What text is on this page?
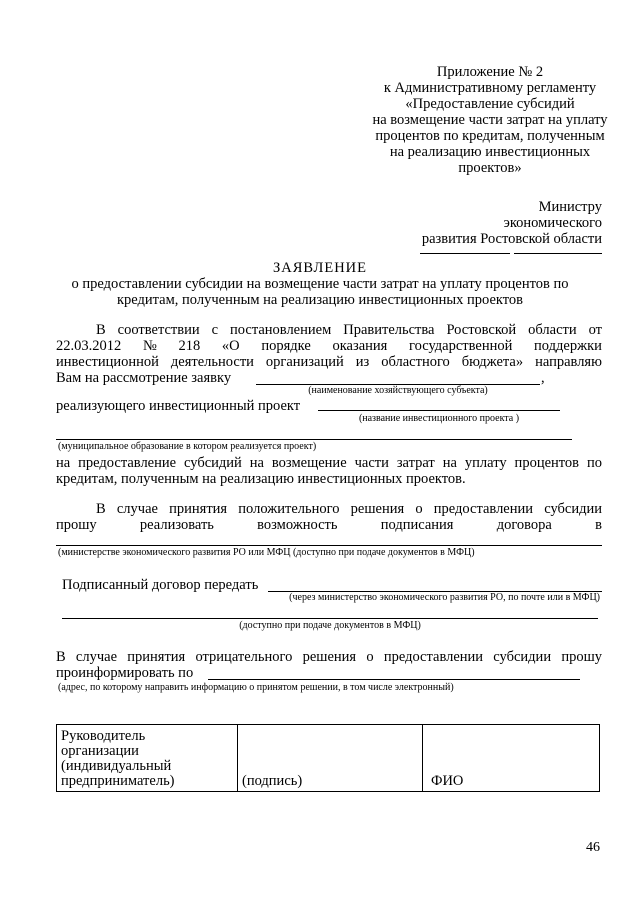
Приложение № 2
к Административному регламенту
«Предоставление субсидий
на возмещение части затрат на уплату
процентов по кредитам, полученным
на реализацию инвестиционных
проектов»
Министру
экономического
развития Ростовской области
ЗАЯВЛЕНИЕ
о предоставлении субсидии на возмещение части затрат на уплату процентов по
кредитам, полученным на реализацию инвестиционных проектов
В соответствии с постановлением Правительства Ростовской области от
22.03.2012 № 218 «О порядке оказания государственной поддержки
инвестиционной деятельности организаций из областного бюджета» направляю
Вам на рассмотрение заявку	,
(наименование хозяйствующего субъекта)
реализующего инвестиционный проект
(название инвестиционного проекта )
(муниципальное образование в котором реализуется проект)
на предоставление субсидий на возмещение части затрат на уплату процентов по
кредитам, полученным на реализацию инвестиционных проектов.
В случае принятия положительного решения о предоставлении субсидии
прошу	реализовать	возможность	подписания	договора	в
(министерстве экономического развития РО или МФЦ (доступно при подаче документов в МФЦ)
Подписанный договор передать
(через министерство экономического развития РО, по почте или в МФЦ)
(доступно при подаче документов в МФЦ)
В случае принятия отрицательного решения о предоставлении субсидии прошу
проинформировать по
(адрес, по которому направить информацию о принятом решении, в том числе электронный)
Руководитель
организации
(индивидуальный
предприниматель)	(подпись)	ФИО
46
